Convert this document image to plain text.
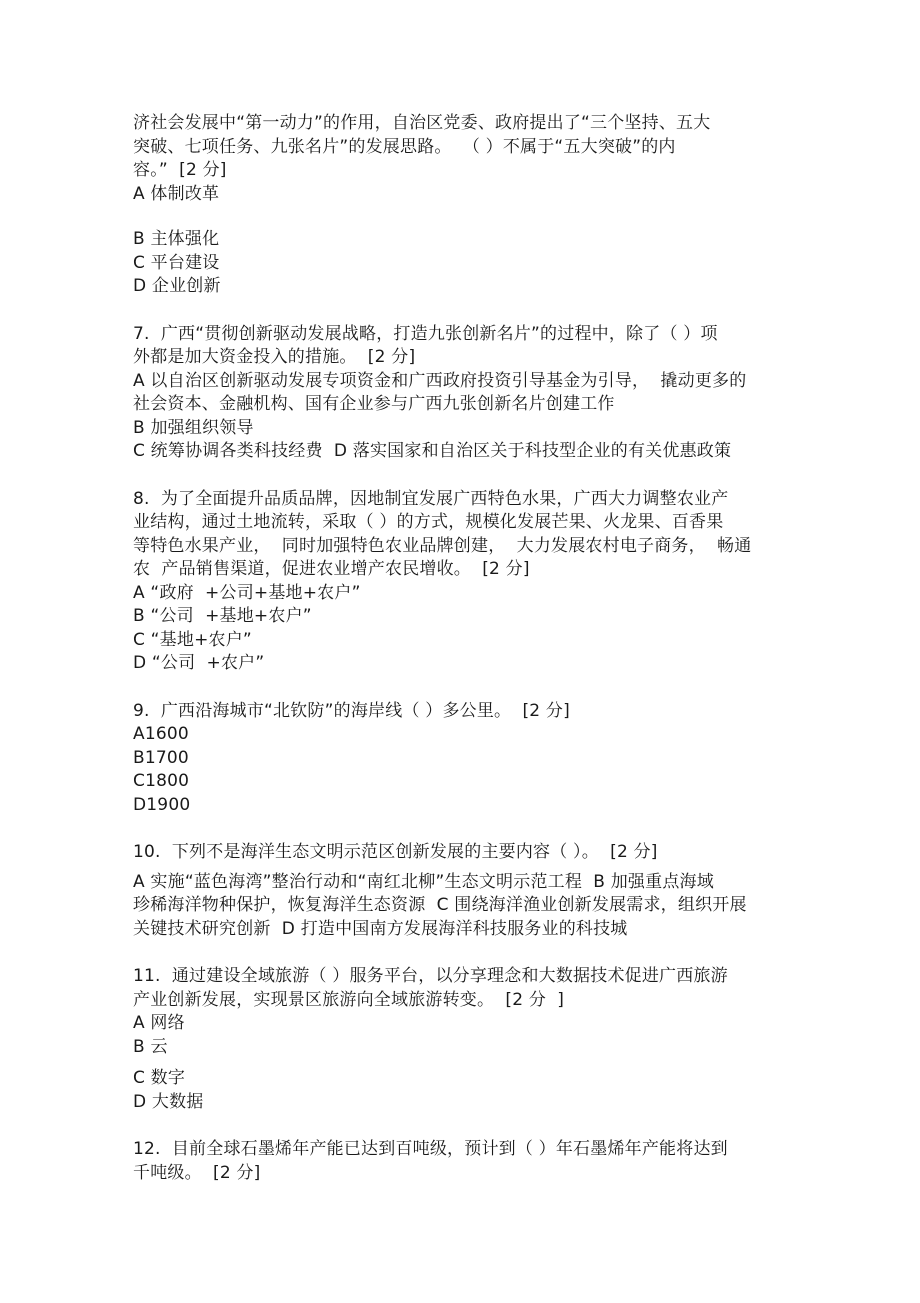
济社会发展中“第一动力”的作用，自治区党委、政府提出了“三个坚持、五大
突破、七项任务、九张名片”的发展思路。  （ ）不属于“五大突破”的内
容。”  [2 分]
A 体制改革
B 主体强化
C 平台建设
D 企业创新
7.  广西“贯彻创新驱动发展战略，打造九张创新名片”的过程中，除了（ ）项
外都是加大资金投入的措施。  [2 分]
A 以自治区创新驱动发展专项资金和广西政府投资引导基金为引导，  撬动更多的
社会资本、金融机构、国有企业参与广西九张创新名片创建工作
B 加强组织领导
C 统筹协调各类科技经费  D 落实国家和自治区关于科技型企业的有关优惠政策
8.  为了全面提升品质品牌，因地制宜发展广西特色水果，广西大力调整农业产
业结构，通过土地流转，采取（ ）的方式，规模化发展芒果、火龙果、百香果
等特色水果产业，  同时加强特色农业品牌创建，  大力发展农村电子商务，  畅通
农  产品销售渠道，促进农业增产农民增收。  [2 分]
A “政府  +公司+基地+农户”
B “公司  +基地+农户”
C “基地+农户”
D “公司  +农户”
9.  广西沿海城市“北钦防”的海岸线（ ）多公里。  [2 分]
A1600
B1700
C1800
D1900
10.  下列不是海洋生态文明示范区创新发展的主要内容（ ）。  [2 分]
A 实施“蓝色海湾”整治行动和“南红北柳”生态文明示范工程  B 加强重点海域
珍稀海洋物种保护，恢复海洋生态资源  C 围绕海洋渔业创新发展需求，组织开展
关键技术研究创新  D 打造中国南方发展海洋科技服务业的科技城
11.  通过建设全域旅游（ ）服务平台，以分享理念和大数据技术促进广西旅游
产业创新发展，实现景区旅游向全域旅游转变。  [2 分  ]
A 网络
B 云
C 数字
D 大数据
12.  目前全球石墨烯年产能已达到百吨级，预计到（ ）年石墨烯年产能将达到
千吨级。  [2 分]
